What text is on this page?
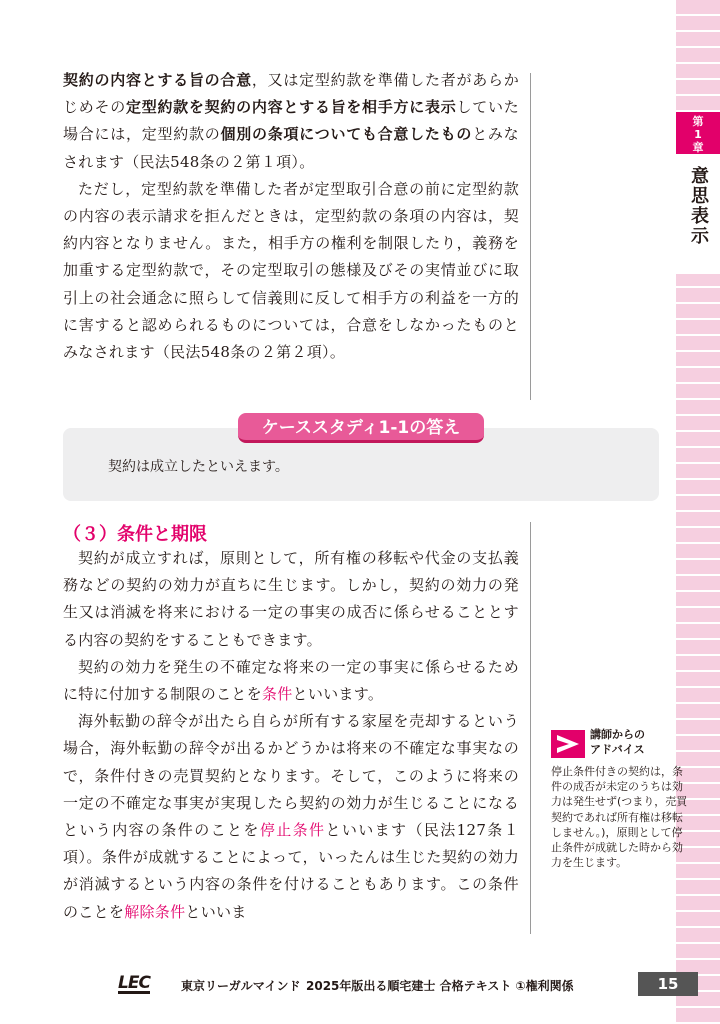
第1章
意思表示

契約の内容とする旨の合意，又は定型約款を準備した者があらかじめその定型約款を契約の内容とする旨を相手方に表示していた場合には，定型約款の個別の条項についても合意したものとみなされます（民法548条の２第１項）。

ただし，定型約款を準備した者が定型取引合意の前に定型約款の内容の表示請求を拒んだときは，定型約款の条項の内容は，契約内容となりません。また，相手方の権利を制限したり，義務を加重する定型約款で，その定型取引の態様及びその実情並びに取引上の社会通念に照らして信義則に反して相手方の利益を一方的に害すると認められるものについては，合意をしなかったものとみなされます（民法548条の２第２項）。

ケーススタディ1-1の答え
契約は成立したといえます。
（３）条件と期限

契約が成立すれば，原則として，所有権の移転や代金の支払義務などの契約の効力が直ちに生じます。しかし，契約の効力の発生又は消滅を将来における一定の事実の成否に係らせることとする内容の契約をすることもできます。

契約の効力を発生の不確定な将来の一定の事実に係らせるために特に付加する制限のことを条件といいます。

海外転勤の辞令が出たら自らが所有する家屋を売却するという場合，海外転勤の辞令が出るかどうかは将来の不確定な事実なので，条件付きの売買契約となります。そして，このように将来の一定の不確定な事実が実現したら契約の効力が生じることになるという内容の条件のことを停止条件といいます（民法127条１項）。条件が成就することによって，いったんは生じた契約の効力が消滅するという内容の条件を付けることもあります。この条件のことを解除条件といいま

講師からの
アドバイス
停止条件付きの契約は，条件の成否が未定のうちは効力は発生せず(つまり，売買契約であれば所有権は移転しません。)，原則として停止条件が成就した時から効力を生じます。
LEC	東京リーガルマインド 2025年版出る順宅建士 合格テキスト ①権利関係	15
